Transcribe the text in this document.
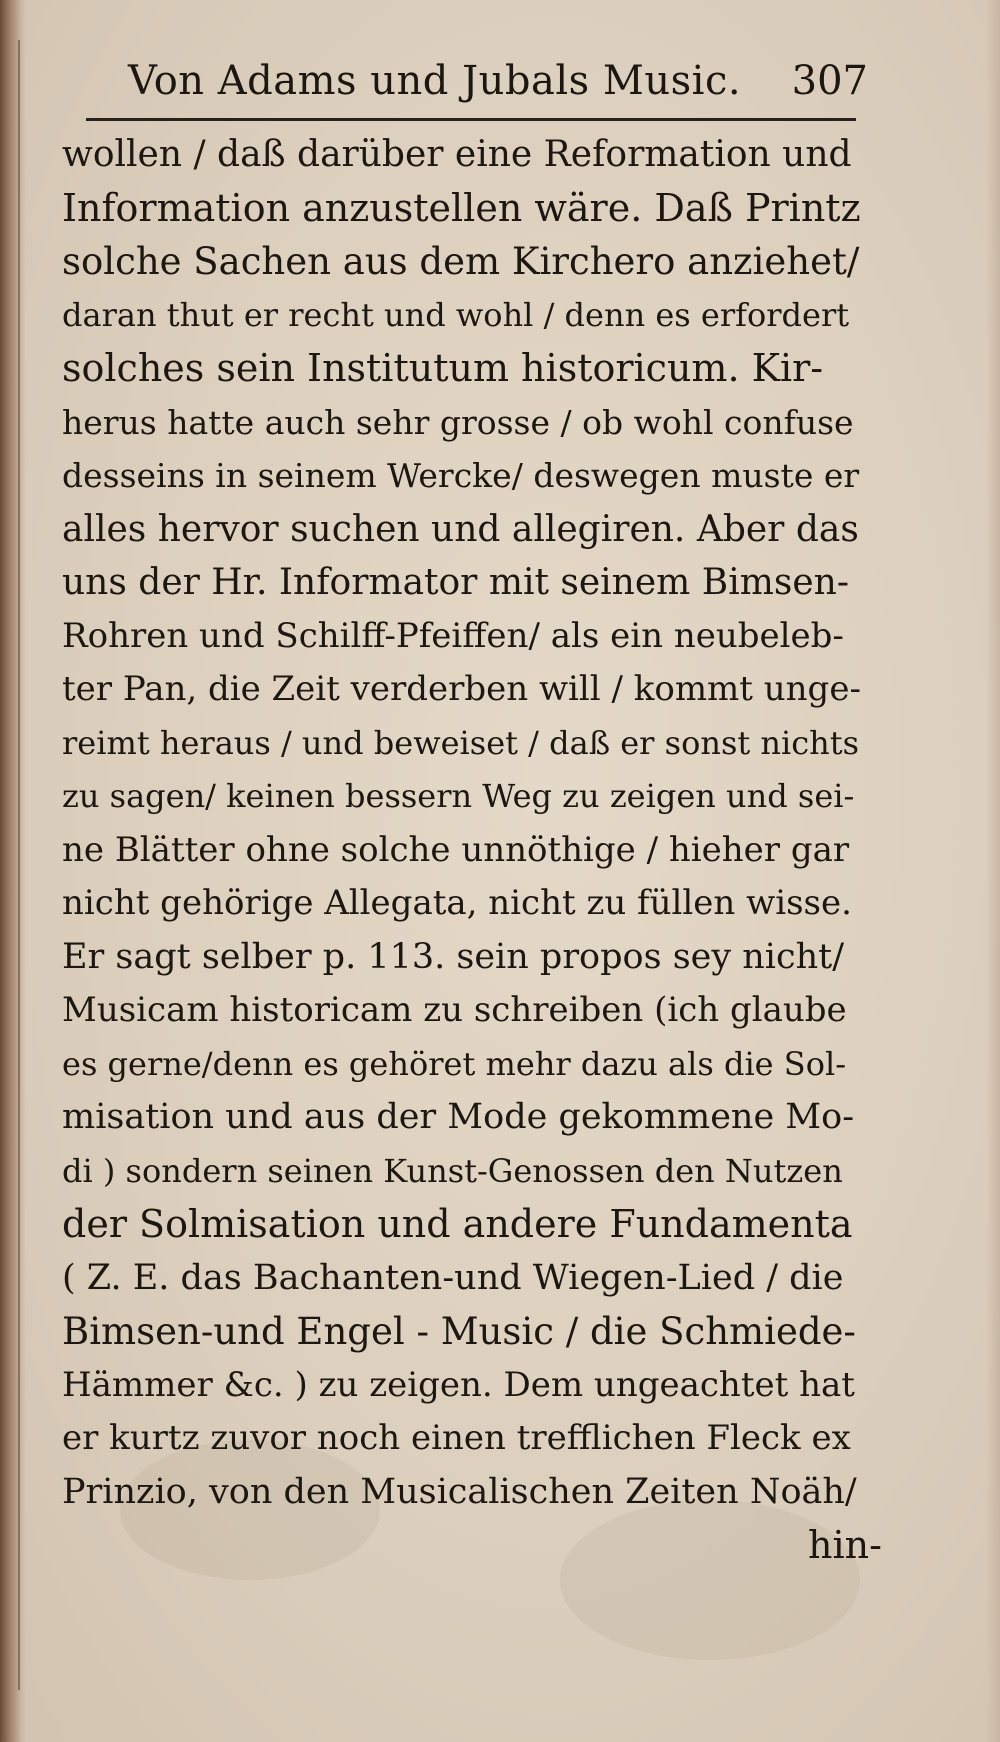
Von Adams und Jubals Music. 307
wollen / daß darüber eine Reformation und
Information anzustellen wäre. Daß Printz
solche Sachen aus dem Kirchero anziehet/
daran thut er recht und wohl / denn es erfordert
solches sein Institutum historicum. Kir-
herus hatte auch sehr grosse / ob wohl confuse
desseins in seinem Wercke/ deswegen muste er
alles hervor suchen und allegiren. Aber das
uns der Hr. Informator mit seinem Bimsen-
Rohren und Schilff-Pfeiffen/ als ein neubeleb-
ter Pan, die Zeit verderben will / kommt unge-
reimt heraus / und beweiset / daß er sonst nichts
zu sagen/ keinen bessern Weg zu zeigen und sei-
ne Blätter ohne solche unnöthige / hieher gar
nicht gehörige Allegata, nicht zu füllen wisse.
Er sagt selber p. 113. sein propos sey nicht/
Musicam historicam zu schreiben (ich glaube
es gerne/denn es gehöret mehr dazu als die Sol-
misation und aus der Mode gekommene Mo-
di ) sondern seinen Kunst-Genossen den Nutzen
der Solmisation und andere Fundamenta
( Z. E. das Bachanten-und Wiegen-Lied / die
Bimsen-und Engel - Music / die Schmiede-
Hämmer &c. ) zu zeigen. Dem ungeachtet hat
er kurtz zuvor noch einen trefflichen Fleck ex
Prinzio, von den Musicalischen Zeiten Noäh/
hin-
